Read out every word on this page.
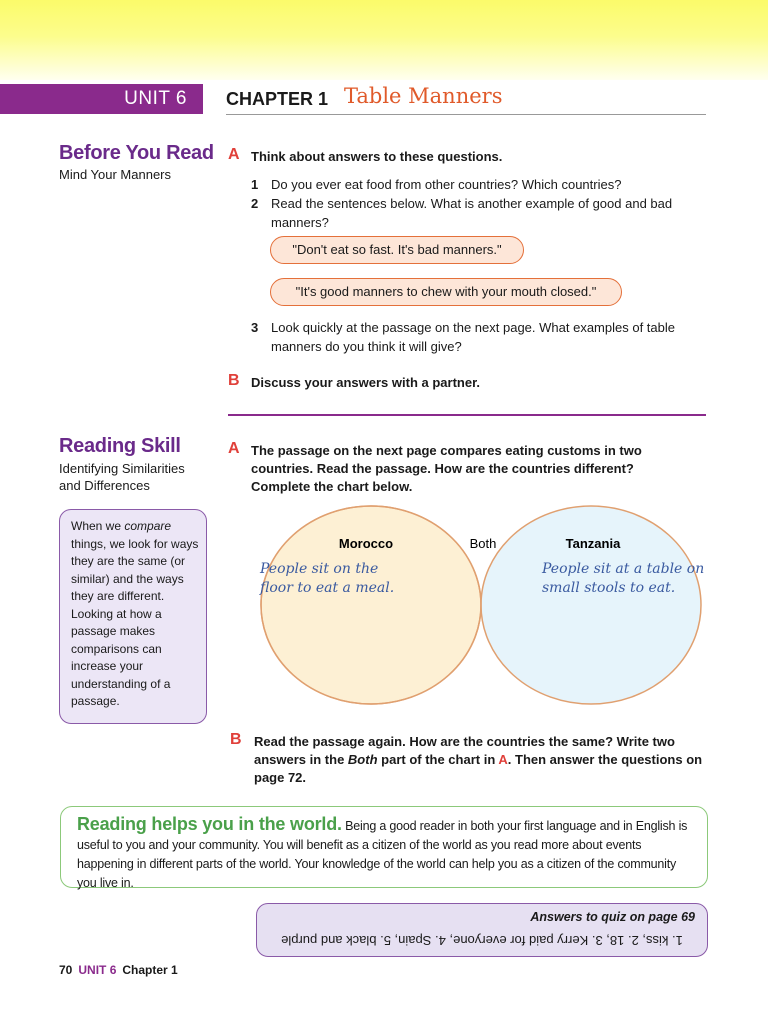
UNIT 6 CHAPTER 1 Table Manners
Before You Read
Mind Your Manners
A Think about answers to these questions.
1 Do you ever eat food from other countries? Which countries?
2 Read the sentences below. What is another example of good and bad manners?
"Don't eat so fast. It's bad manners."
"It's good manners to chew with your mouth closed."
3 Look quickly at the passage on the next page. What examples of table manners do you think it will give?
B Discuss your answers with a partner.
Reading Skill
Identifying Similarities and Differences
When we compare things, we look for ways they are the same (or similar) and the ways they are different. Looking at how a passage makes comparisons can increase your understanding of a passage.
A The passage on the next page compares eating customs in two countries. Read the passage. How are the countries different? Complete the chart below.
Morocco	Both	Tanzania
People sit on the
floor to eat a meal.
People sit at a table on
small stools to eat.
B Read the passage again. How are the countries the same? Write two answers in the Both part of the chart in A. Then answer the questions on page 72.
Reading helps you in the world. Being a good reader in both your first language and in English is useful to you and your community. You will benefit as a citizen of the world as you read more about events happening in different parts of the world. Your knowledge of the world can help you as a citizen of the community you live in.
Answers to quiz on page 69
1. kiss, 2. 18, 3. Kerry paid for everyone, 4. Spain, 5. black and purple
70 UNIT 6 Chapter 1
